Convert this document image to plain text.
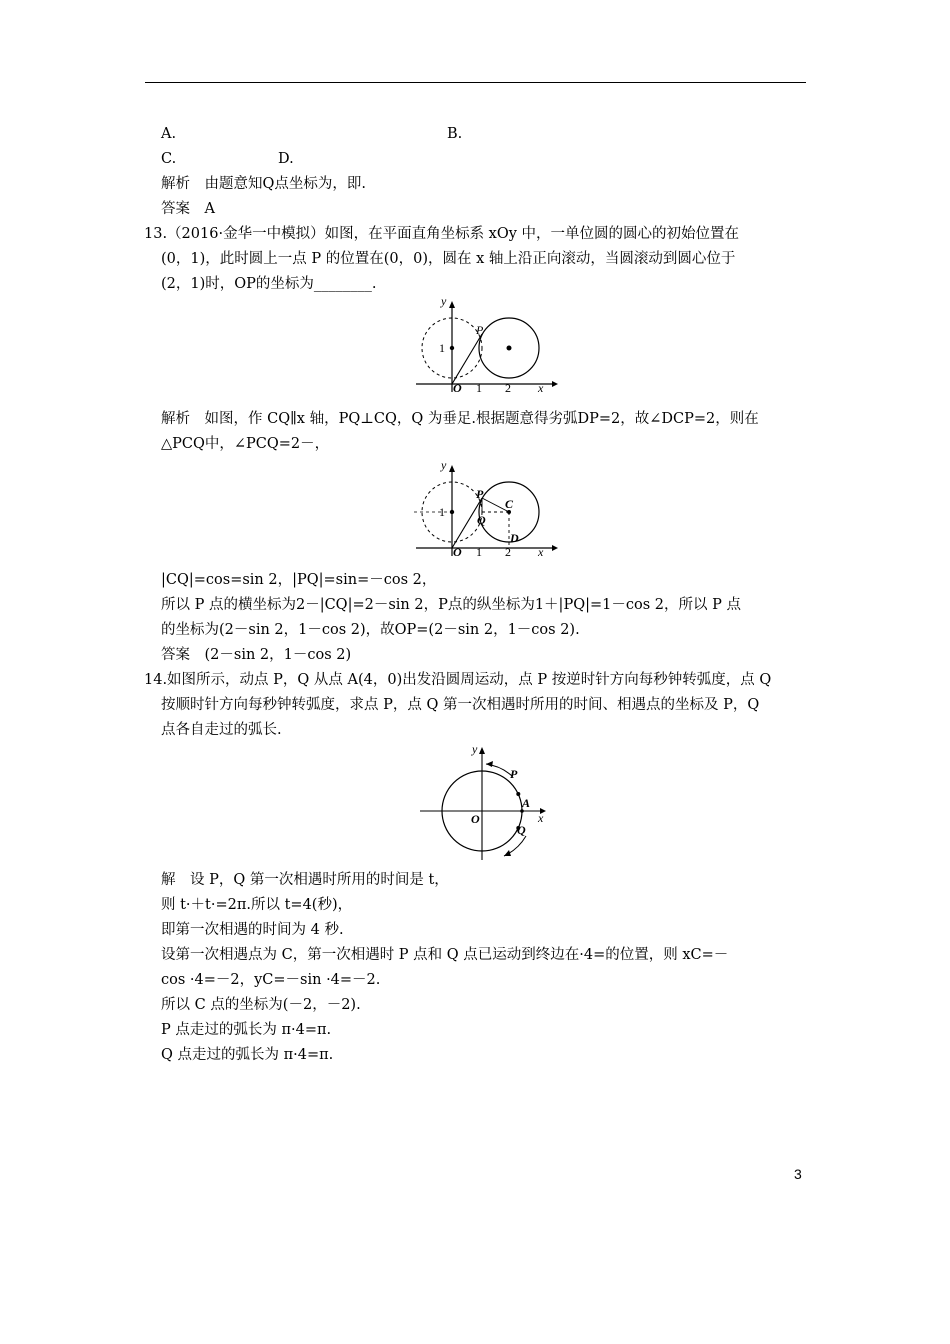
A.	B.
C.	D.
解析　由题意知Q点坐标为，即.
答案　A
13.（2016·金华一中模拟）如图，在平面直角坐标系 xOy 中，一单位圆的圆心的初始位置在
(0，1)，此时圆上一点 P 的位置在(0，0)，圆在 x 轴上沿正向滚动，当圆滚动到圆心位于
(2，1)时，OP的坐标为________.
y
x
P
1
O 1 2
解析　如图，作 CQ∥x 轴，PQ⊥CQ，Q 为垂足.根据题意得劣弧DP=2，故∠DCP=2，则在
△PCQ中，∠PCQ=2－，
y
x
P
C
Q
D
1
O 1 2
|CQ|=cos=sin 2，|PQ|=sin=－cos 2，
所以 P 点的横坐标为2－|CQ|=2－sin 2，P点的纵坐标为1＋|PQ|=1－cos 2，所以 P 点
的坐标为(2－sin 2，1－cos 2)，故OP=(2－sin 2，1－cos 2).
答案　(2－sin 2，1－cos 2)
14.如图所示，动点 P，Q 从点 A(4，0)出发沿圆周运动，点 P 按逆时针方向每秒钟转弧度，点 Q
按顺时针方向每秒钟转弧度，求点 P，点 Q 第一次相遇时所用的时间、相遇点的坐标及 P，Q
点各自走过的弧长.
y
x
P
A
O
Q
解　设 P，Q 第一次相遇时所用的时间是 t，
则 t·＋t·=2π.所以 t=4(秒)，
即第一次相遇的时间为 4 秒.
设第一次相遇点为 C，第一次相遇时 P 点和 Q 点已运动到终边在·4=的位置，则 xC=－
cos ·4=－2，yC=－sin ·4=－2.
所以 C 点的坐标为(－2，－2).
P 点走过的弧长为 π·4=π.
Q 点走过的弧长为 π·4=π.
3
